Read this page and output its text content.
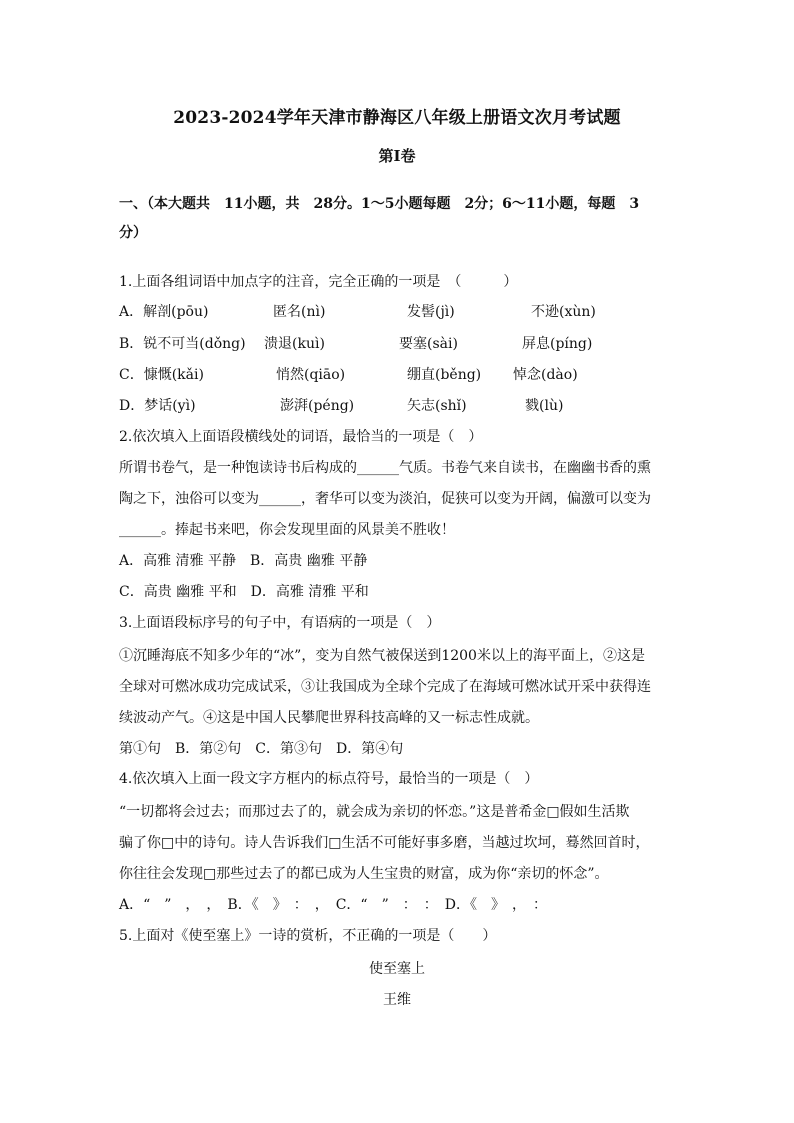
2023-2024学年天津市静海区八年级上册语文次月考试题
第Ⅰ卷
一、（本大题共　11小题，共　28分。1～5小题每题　2分；6～11小题，每题　3
分）
1.上面各组词语中加点字的注音，完全正确的一项是　（　　　）
A．解剖(pōu)	匿名(nì)	发髻(jì)	不逊(xùn)
B．锐不可当(dǒng) 溃退(kuì)	要塞(sài)	屏息(píng)
C．慷慨(kǎi)	悄然(qiāo)	绷直(běng) 悼念(dào)
D．梦话(yì)	澎湃(péng)	矢志(shǐ)	戮(lù)
2.依次填入上面语段横线处的词语，最恰当的一项是（　）
所谓书卷气，是一种饱读诗书后构成的______气质。书卷气来自读书，在幽幽书香的熏
陶之下，浊俗可以变为______，奢华可以变为淡泊，促狭可以变为开阔，偏激可以变为
______。捧起书来吧，你会发现里面的风景美不胜收！
A．高雅 清雅 平静　B．高贵 幽雅 平静
C．高贵 幽雅 平和　D．高雅 清雅 平和
3.上面语段标序号的句子中，有语病的一项是（　）
①沉睡海底不知多少年的“冰”，变为自然气被保送到1200米以上的海平面上，②这是
全球对可燃冰成功完成试采，③让我国成为全球个完成了在海域可燃冰试开采中获得连
续波动产气。④这是中国人民攀爬世界科技高峰的又一标志性成就。
第①句　B．第②句　C．第③句　D．第④句
4.依次填入上面一段文字方框内的标点符号，最恰当的一项是（　）
“一切都将会过去；而那过去了的，就会成为亲切的怀恋。”这是普希金□假如生活欺
骗了你□中的诗句。诗人告诉我们□生活不可能好事多磨，当越过坎坷，蓦然回首时，
你往往会发现□那些过去了的都已成为人生宝贵的财富，成为你“亲切的怀念”。
A．“　”　，　，　B．《　》　：　，　C．“　”　：　：　D．《　》　，　：
5.上面对《使至塞上》一诗的赏析，不正确的一项是（　　）
使至塞上
王维
